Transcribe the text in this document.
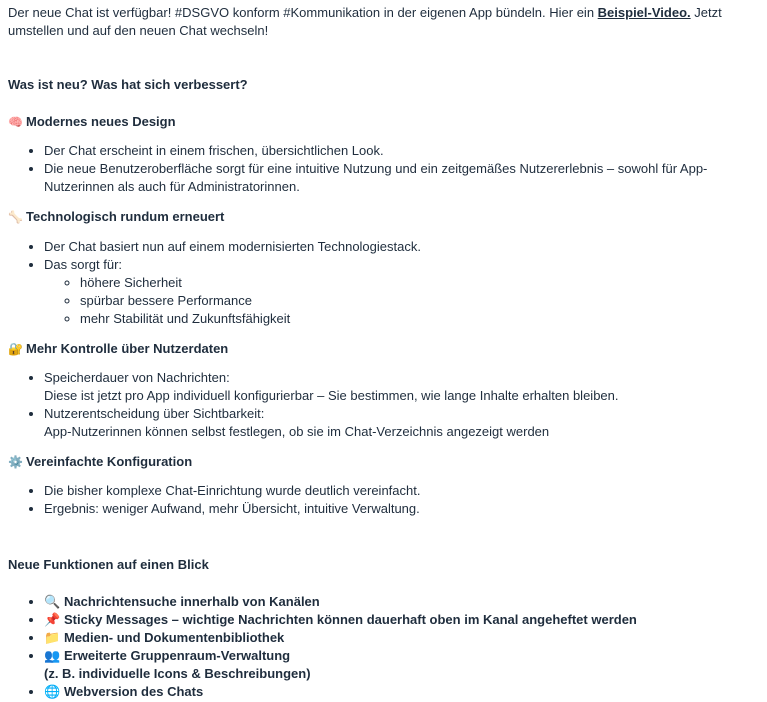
Der neue Chat ist verfügbar! #DSGVO konform #Kommunikation in der eigenen App bündeln. Hier ein Beispiel-Video. Jetzt umstellen und auf den neuen Chat wechseln!

Was ist neu? Was hat sich verbessert?

🧠 Modernes neues Design

• Der Chat erscheint in einem frischen, übersichtlichen Look.
• Die neue Benutzeroberfläche sorgt für eine intuitive Nutzung und ein zeitgemäßes Nutzererlebnis – sowohl für App-Nutzerinnen als auch für Administratorinnen.

🦴 Technologisch rundum erneuert

• Der Chat basiert nun auf einem modernisierten Technologiestack.
• Das sorgt für:
◦ höhere Sicherheit
◦ spürbar bessere Performance
◦ mehr Stabilität und Zukunftsfähigkeit

🔐 Mehr Kontrolle über Nutzerdaten

• Speicherdauer von Nachrichten:
Diese ist jetzt pro App individuell konfigurierbar – Sie bestimmen, wie lange Inhalte erhalten bleiben.
• Nutzerentscheidung über Sichtbarkeit:
App-Nutzerinnen können selbst festlegen, ob sie im Chat-Verzeichnis angezeigt werden

⚙️ Vereinfachte Konfiguration

• Die bisher komplexe Chat-Einrichtung wurde deutlich vereinfacht.
• Ergebnis: weniger Aufwand, mehr Übersicht, intuitive Verwaltung.

Neue Funktionen auf einen Blick

• 🔍 Nachrichtensuche innerhalb von Kanälen
• 📌 Sticky Messages – wichtige Nachrichten können dauerhaft oben im Kanal angeheftet werden
• 📁 Medien- und Dokumentenbibliothek
• 👥 Erweiterte Gruppenraum-Verwaltung
(z. B. individuelle Icons & Beschreibungen)
• 🌐 Webversion des Chats
